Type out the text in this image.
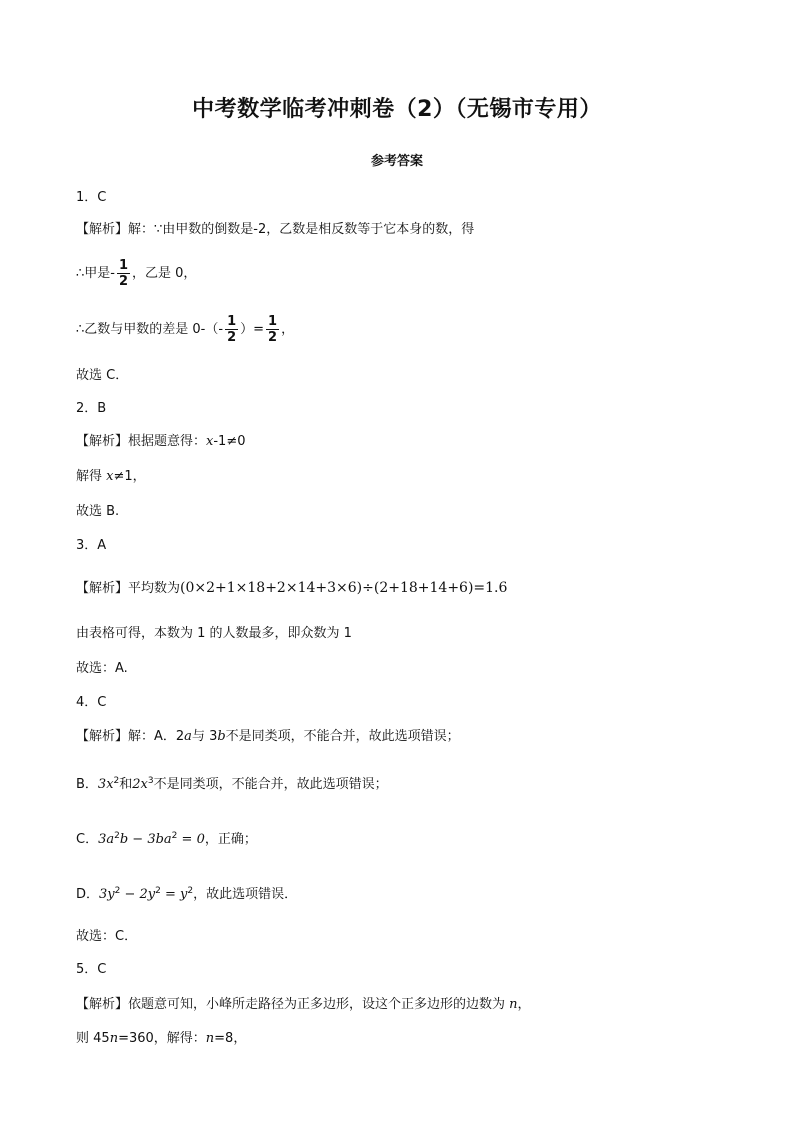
中考数学临考冲刺卷（2）（无锡市专用）
参考答案
1．C
【解析】解：∵由甲数的倒数是-2，乙数是相反数等于它本身的数，得
∴甲是- $\frac{1}{2}$ ，乙是 0，
∴乙数与甲数的差是 $0-(- \frac{1}{2}$ ）= $\frac{1}{2}$ ，
故选 C．
2．B
【解析】根据题意得：x-1≠0
解得 x≠1，
故选 B.
3．A
【解析】平均数为(0×2+1×18+2×14+3×6)÷(2+18+14+6)=1.6
由表格可得，本数为 1 的人数最多，即众数为 1
故选：A.
4．C
【解析】解：A．2a与 3b不是同类项，不能合并，故此选项错误；
B．$3x^2$和$2x^3$不是同类项，不能合并，故此选项错误；
C．$3a^2b - 3ba^2 = 0$，正确；
D．$3y^2 - 2y^2 = y^2$，故此选项错误．
故选：C．
5．C
【解析】依题意可知，小峰所走路径为正多边形，设这个正多边形的边数为 n，
则 45n=360，解得：n=8，
